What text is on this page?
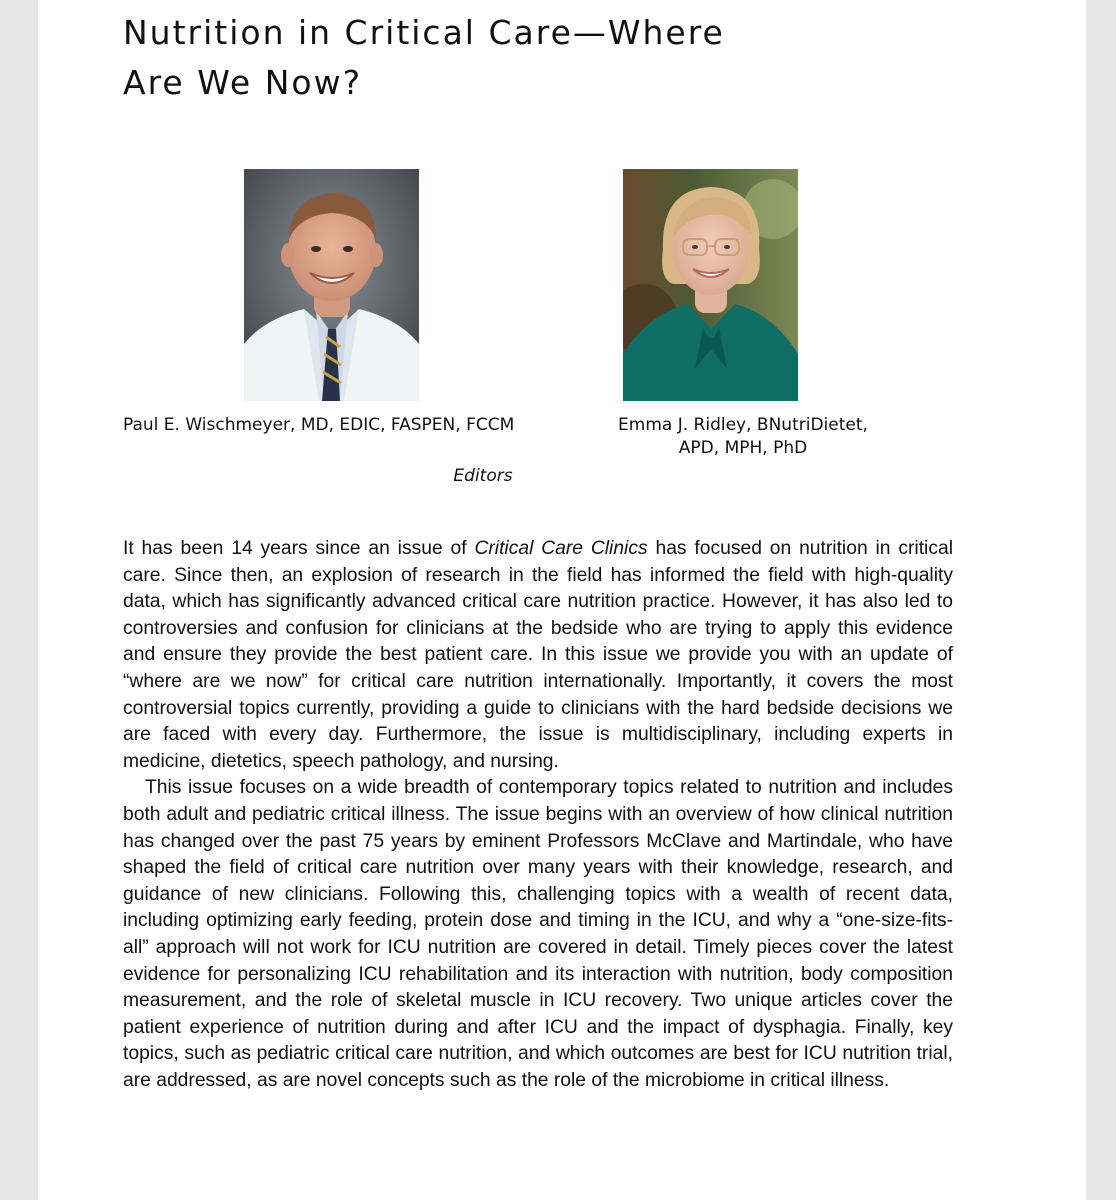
Nutrition in Critical Care—Where
Are We Now?
Paul E. Wischmeyer, MD, EDIC, FASPEN, FCCM	Emma J. Ridley, BNutriDietet,
APD, MPH, PhD
Editors

It has been 14 years since an issue of Critical Care Clinics has focused on nutrition in critical care. Since then, an explosion of research in the field has informed the field with high-quality data, which has significantly advanced critical care nutrition practice. However, it has also led to controversies and confusion for clinicians at the bedside who are trying to apply this evidence and ensure they provide the best patient care. In this issue we provide you with an update of “where are we now” for critical care nutrition internationally. Importantly, it covers the most controversial topics currently, providing a guide to clinicians with the hard bedside decisions we are faced with every day. Furthermore, the issue is multidisciplinary, including experts in medicine, dietetics, speech pathology, and nursing.

This issue focuses on a wide breadth of contemporary topics related to nutrition and includes both adult and pediatric critical illness. The issue begins with an overview of how clinical nutrition has changed over the past 75 years by eminent Professors McClave and Martindale, who have shaped the field of critical care nutrition over many years with their knowledge, research, and guidance of new clinicians. Following this, challenging topics with a wealth of recent data, including optimizing early feeding, protein dose and timing in the ICU, and why a “one-size-fits-all” approach will not work for ICU nutrition are covered in detail. Timely pieces cover the latest evidence for personalizing ICU rehabilitation and its interaction with nutrition, body composition measurement, and the role of skeletal muscle in ICU recovery. Two unique articles cover the patient experience of nutrition during and after ICU and the impact of dysphagia. Finally, key topics, such as pediatric critical care nutrition, and which outcomes are best for ICU nutrition trial, are addressed, as are novel concepts such as the role of the microbiome in critical illness.
